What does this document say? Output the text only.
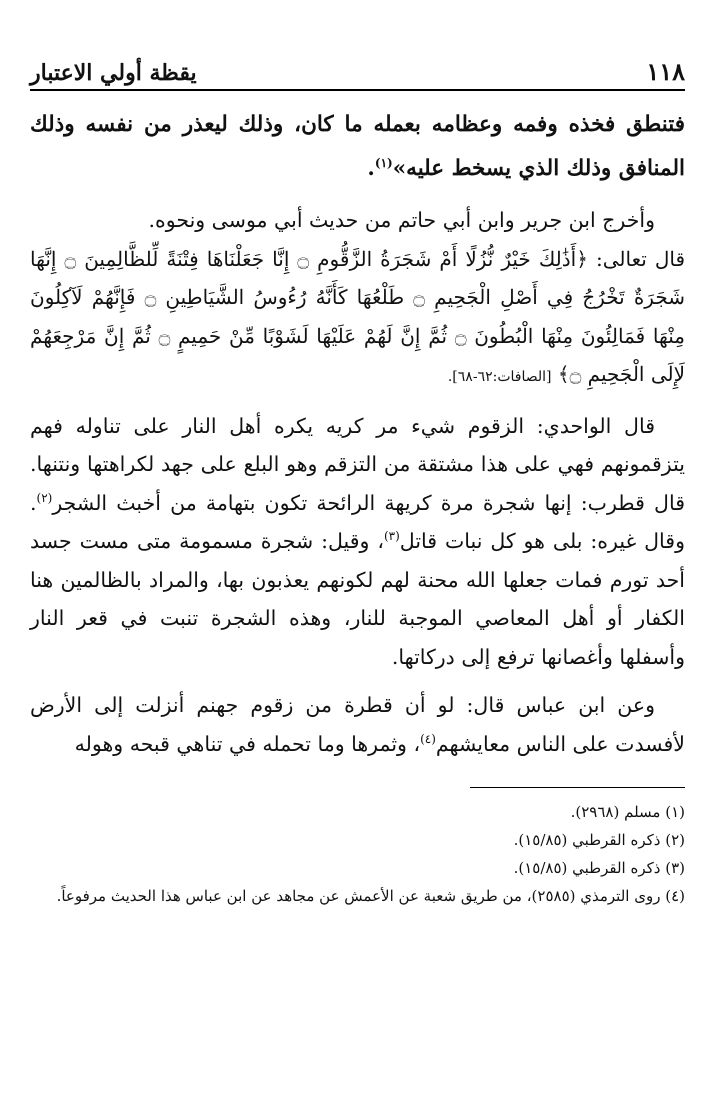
١١٨
يقظة أولي الاعتبار

فتنطق فخذه وفمه وعظامه بعمله ما كان، وذلك ليعذر من نفسه وذلك المنافق وذلك الذي يسخط عليه»$^{(١)}$.

وأخرج ابن جرير وابن أبي حاتم من حديث أبي موسى ونحوه.

قال تعالى: ﴿أَذَٰلِكَ خَيْرٌ نُّزُلًا أَمْ شَجَرَةُ الزَّقُّومِ ۝ إِنَّا جَعَلْنَاهَا فِتْنَةً لِّلظَّالِمِينَ ۝ إِنَّهَا شَجَرَةٌ تَخْرُجُ فِي أَصْلِ الْجَحِيمِ ۝ طَلْعُهَا كَأَنَّهُ رُءُوسُ الشَّيَاطِينِ ۝ فَإِنَّهُمْ لَآكِلُونَ مِنْهَا فَمَالِئُونَ مِنْهَا الْبُطُونَ ۝ ثُمَّ إِنَّ لَهُمْ عَلَيْهَا لَشَوْبًا مِّنْ حَمِيمٍ ۝ ثُمَّ إِنَّ مَرْجِعَهُمْ لَإِلَى الْجَحِيمِ ۝﴾ [الصافات:٦٢-٦٨].

قال الواحدي: الزقوم شيء مر كريه يكره أهل النار على تناوله فهم يتزقمونهم فهي على هذا مشتقة من التزقم وهو البلع على جهد لكراهتها ونتنها. قال قطرب: إنها شجرة مرة كريهة الرائحة تكون بتهامة من أخبث الشجر$^{(٢)}$. وقال غيره: بلى هو كل نبات قاتل$^{(٣)}$، وقيل: شجرة مسمومة متى مست جسد أحد تورم فمات جعلها الله محنة لهم لكونهم يعذبون بها، والمراد بالظالمين هنا الكفار أو أهل المعاصي الموجبة للنار، وهذه الشجرة تنبت في قعر النار وأسفلها وأغصانها ترفع إلى دركاتها.

وعن ابن عباس قال: لو أن قطرة من زقوم جهنم أنزلت إلى الأرض لأفسدت على الناس معايشهم$^{(٤)}$، وثمرها وما تحمله في تناهي قبحه وهوله

(١) مسلم (٢٩٦٨).

(٢) ذكره القرطبي (١٥/٨٥).

(٣) ذكره القرطبي (١٥/٨٥).

(٤) روى الترمذي (٢٥٨٥)، من طريق شعبة عن الأعمش عن مجاهد عن ابن عباس هذا الحديث مرفوعاً.
